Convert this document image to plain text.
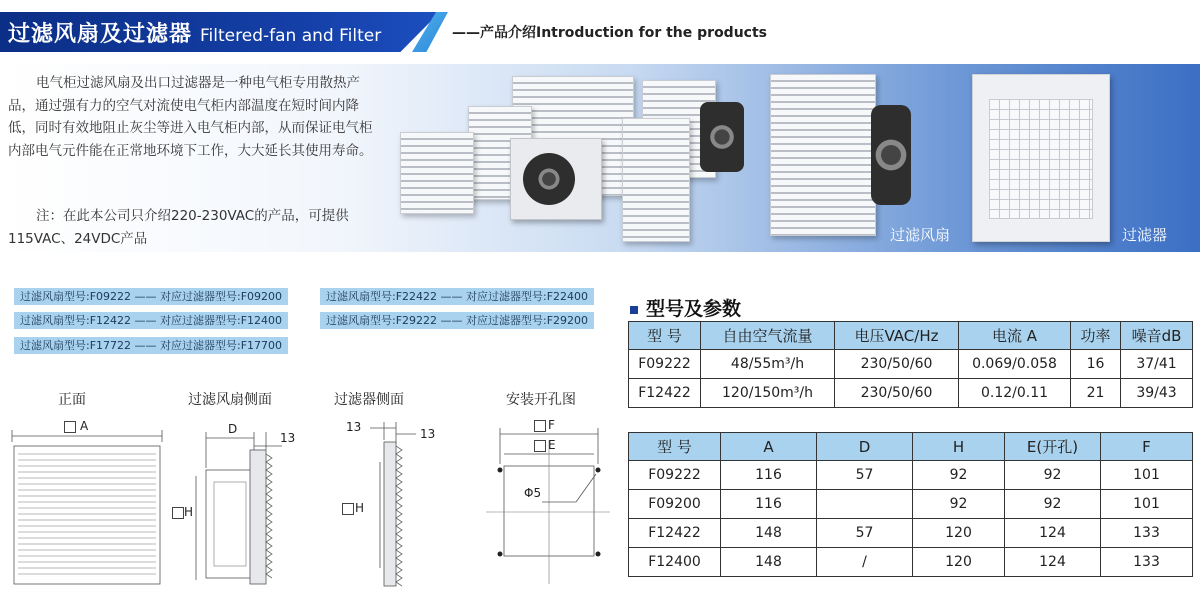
过滤风扇及过滤器 Filtered-fan and Filter	——产品介绍Introduction for the products
电气柜过滤风扇及出口过滤器是一种电气柜专用散热产品，通过强有力的空气对流使电气柜内部温度在短时间内降低，同时有效地阻止灰尘等进入电气柜内部，从而保证电气柜内部电气元件能在正常地环境下工作，大大延长其使用寿命。
注：在此本公司只介绍220-230VAC的产品，可提供115VAC、24VDC产品	过滤风扇	过滤器
过滤风扇型号:F09222 —— 对应过滤器型号:F09200	过滤风扇型号:F22422 —— 对应过滤器型号:F22400
过滤风扇型号:F12422 —— 对应过滤器型号:F12400	过滤风扇型号:F29222 —— 对应过滤器型号:F29200
过滤风扇型号:F17722 —— 对应过滤器型号:F17700
正面	过滤风扇侧面	过滤器侧面	安装开孔图
A	D
13
H
13	13
H
F
E
Φ5
型号及参数
型 号	自由空气流量	电压VAC/Hz	电流 A	功率	噪音dB
F09222	48/55m³/h	230/50/60	0.069/0.058	16	37/41
F12422	120/150m³/h	230/50/60	0.12/0.11	21	39/43
型 号	A	D	H	E(开孔)	F
F09222	116	57	92	92	101
F09200	116		92	92	101
F12422	148	57	120	124	133
F12400	148	/	120	124	133
